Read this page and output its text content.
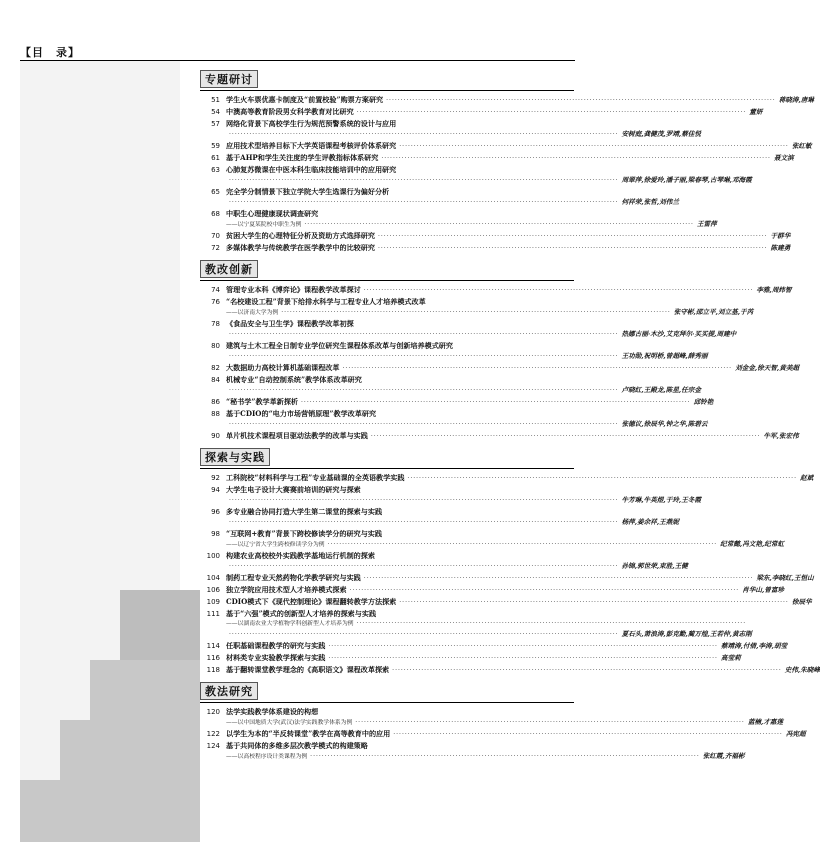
【目　录】
专题研讨
51 学生火车票优惠卡制度及“前置校验”购票方案研究 ·····	蒋晓涛,唐琳
54 中澳高等教育阶段男女科学教育对比研究 ·····	董妍
57 网络化背景下高校学生行为规范预警系统的设计与应用
·····
安树庭,龚健茂,罗靖,蔡佳悦
59 应用技术型培养目标下大学英语课程考核评价体系研究 ·····	张红敏
61 基于AHP和学生关注度的学生评教指标体系研究 ·····	聂文滨
63 心肺复苏微课在中医本科生临床技能培训中的应用研究
·····
周翠萍,徐爱玲,潘子丽,梁春琴,古琴琳,邓海霞
65 完全学分制情景下独立学院大学生选课行为偏好分析
·····
何祥荣,张哲,刘伟兰
68 中职生心理健康现状调查研究
——以宁夏某院校中职生为例 ·····	王雷萍
70 贫困大学生的心理特征分析及资助方式选择研究 ·····	于群华
72 多媒体教学与传统教学在医学教学中的比较研究 ·····	陈建勇
教改创新
74 管理专业本科《博弈论》课程教学改革探讨 ·····	李雅,周炜智
76 “名校建设工程”背景下给排水科学与工程专业人才培养模式改革
——以济南大学为例 ·····	张守彬,邵立平,刘立基,于芮
78 《食品安全与卫生学》课程教学改革初探
·····
热娜古丽·木沙,艾克拜尔·买买提,周建中
80 建筑与土木工程全日制专业学位研究生课程体系改革与创新培养模式研究
·····
王功勋,祝明桥,曾超峰,薛秀丽
82 大数据助力高校计算机基础课程改革 ·····	刘金金,徐天智,黄美超
84 机械专业“自动控制系统”教学体系改革研究
·····
卢晓红,王殿龙,陈星,任宗金
86 “秘书学”教学革新探析 ·····	邱铃艳
88 基于CDIO的“电力市场营销原理”教学改革研究
·····
张德议,徐辰华,钟之华,陈碧云
90 单片机技术课程项目驱动法教学的改革与实践 ·····	牛军,张宏伟
探索与实践
92 工科院校“材料科学与工程”专业基础课的全英语教学实践 ·····	赵斌
94 大学生电子设计大赛赛前培训的研究与探索
·····
牛芳琳,牛英煜,于玲,王冬霞
96 多专业融合协同打造大学生第二课堂的探索与实践
·····
杨萍,姜余祥,王燕妮
98 “互联网+教育”背景下跨校修读学分的研究与实践
——以辽宁省大学生跨校修读学分为例 ·····	纪常懿,冯文艳,纪常虹
100 构建农业高校校外实践教学基地运行机制的探索
·····
孙锦,郭世荣,束胜,王健
104 制药工程专业天然药物化学教学研究与实践 ·····	梁东,李晓红,王恒山
106 独立学院应用技术型人才培养模式探索 ·····	肖华山,曾富珍
109 CDIO模式下《现代控制理论》课程翻转教学方法探索 ·····	徐辰华
111 基于“六强”模式的创新型人才培养的探索与实践
——以湖南农业大学植物学科创新型人才培养为例
·····
·····
夏石头,萧浪涛,彭克勤,蔺万煌,王若仲,黄志刚
114 任职基础课程教学的研究与实践 ·····	蔡靖涛,付倩,李涛,胡莹
116 材料类专业实验教学探索与实践 ·····	高莹莉
118 基于翻转课堂教学理念的《高职语文》课程改革探索 ·····	史伟,朱晓峰
教法研究
120 法学实践教学体系建设的构想
——以中国地质大学(武汉)法学实践教学体系为例 ·····	蓝楠,才惠莲
122 以学生为本的“半反转课堂”教学在高等教育中的应用 ·····	冯宪超
124 基于共同体的多维多层次教学模式的构建策略
——以高校程序设计类课程为例 ·····	张红霞,齐福彬
